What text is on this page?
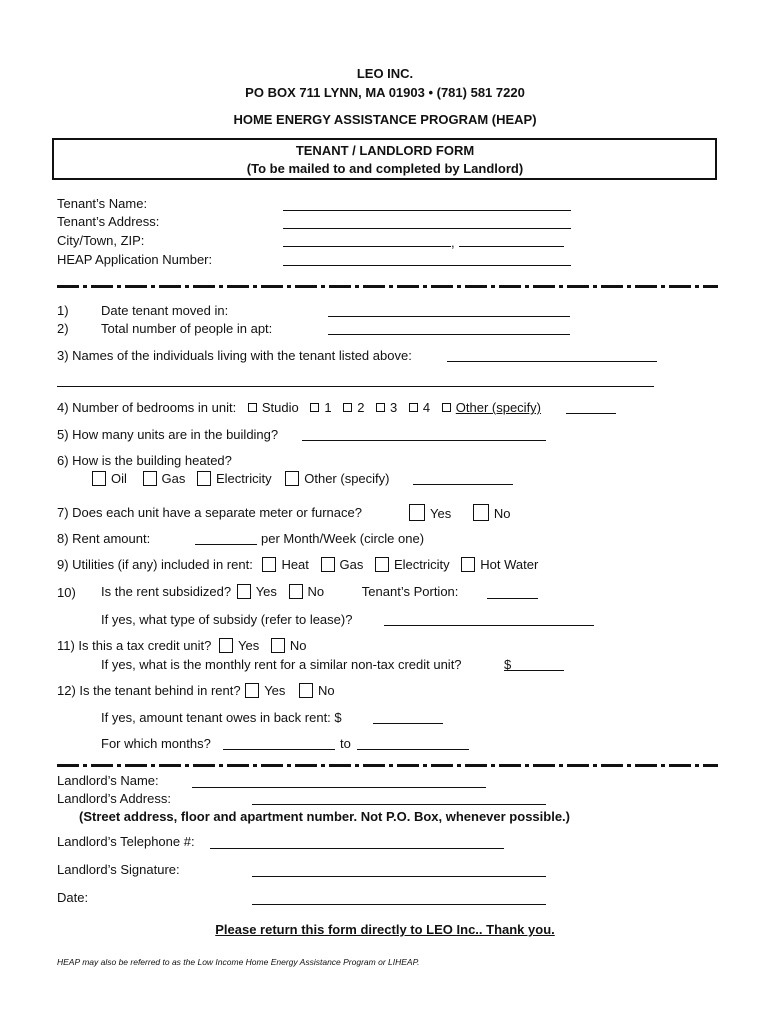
LEO INC.
PO BOX 711 LYNN, MA 01903 • (781) 581 7220
HOME ENERGY ASSISTANCE PROGRAM (HEAP)
TENANT / LANDLORD FORM
(To be mailed to and completed by Landlord)
Tenant’s Name:
Tenant’s Address:
City/Town, ZIP:	,
HEAP Application Number:
1) Date tenant moved in:
2) Total number of people in apt:
3) Names of the individuals living with the tenant listed above:
4) Number of bedrooms in unit: Studio 1 2 3 4 Other (specify)
5) How many units are in the building?
6) How is the building heated?
Oil	Gas Electricity	Other (specify)
7) Does each unit have a separate meter or furnace?	Yes	No
8) Rent amount:	per Month/Week (circle one)
9) Utilities (if any) included in rent: Heat Gas Electricity Hot Water
10) Is the rent subsidized? Yes No	Tenant’s Portion:
If yes, what type of subsidy (refer to lease)?
11) Is this a tax credit unit? Yes No
If yes, what is the monthly rent for a similar non-tax credit unit?	$
12) Is the tenant behind in rent? Yes	No
If yes, amount tenant owes in back rent: $
For which months?	to
Landlord’s Name:
Landlord’s Address:
(Street address, floor and apartment number. Not P.O. Box, whenever possible.)
Landlord’s Telephone #:
Landlord’s Signature:
Date:
Please return this form directly to LEO Inc.. Thank you.
HEAP may also be referred to as the Low Income Home Energy Assistance Program or LIHEAP.
